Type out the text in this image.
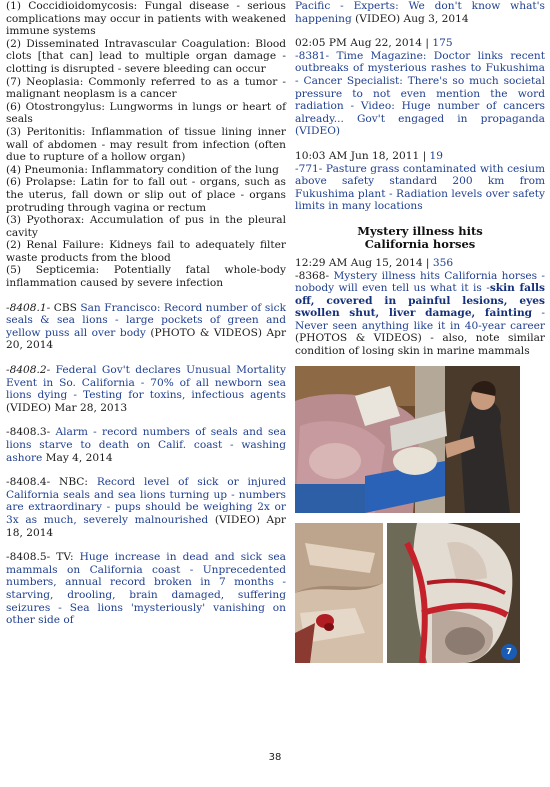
(1) Coccidioidomycosis: Fungal disease - serious complications may occur in patients with weakened immune systems

(2) Disseminated Intravascular Coagulation: Blood clots [that can] lead to multiple organ damage - clotting is disrupted - severe bleeding can occur

(7) Neoplasia: Commonly referred to as a tumor - malignant neoplasm is a cancer

(6) Otostrongylus: Lungworms in lungs or heart of seals

(3) Peritonitis: Inflammation of tissue lining inner wall of abdomen - may result from infection (often due to rupture of a hollow organ)

(4) Pneumonia: Inflammatory condition of the lung

(6) Prolapse: Latin for to fall out - organs, such as the uterus, fall down or slip out of place - organs protruding through vagina or rectum

(3) Pyothorax: Accumulation of pus in the pleural cavity

(2) Renal Failure: Kidneys fail to adequately filter waste products from the blood

(5) Septicemia: Potentially fatal whole-body inflammation caused by severe infection

-8408.1- CBS San Francisco: Record number of sick seals & sea lions - large pockets of green and yellow puss all over body (PHOTO & VIDEOS) Apr 20, 2014

-8408.2- Federal Gov't declares Unusual Mortality Event in So. California - 70% of all newborn sea lions dying - Testing for toxins, infectious agents (VIDEO) Mar 28, 2013

-8408.3- Alarm - record numbers of seals and sea lions starve to death on Calif. coast - washing ashore May 4, 2014

-8408.4- NBC: Record level of sick or injured California seals and sea lions turning up - numbers are extraordinary - pups should be weighing 2x or 3x as much, severely malnourished (VIDEO) Apr 18, 2014

-8408.5- TV: Huge increase in dead and sick sea mammals on California coast - Unprecedented numbers, annual record broken in 7 months - starving, drooling, brain damaged, suffering seizures - Sea lions 'mysteriously' vanishing on other side of

Pacific - Experts: We don't know what's happening (VIDEO) Aug 3, 2014

02:05 PM Aug 22, 2014 | 175

-8381- Time Magazine: Doctor links recent outbreaks of mysterious rashes to Fukushima - Cancer Specialist: There's so much societal pressure to not even mention the word radiation - Video: Huge number of cancers already... Gov't engaged in propaganda (VIDEO)

10:03 AM Jun 18, 2011 | 19

-771- Pasture grass contaminated with cesium above safety standard 200 km from Fukushima plant - Radiation levels over safety limits in many locations

Mystery illness hits
California horses

12:29 AM Aug 15, 2014 | 356

-8368- Mystery illness hits California horses - nobody will even tell us what it is -skin falls off, covered in painful lesions, eyes swollen shut, liver damage, fainting - Never seen anything like it in 40-year career (PHOTOS & VIDEOS) - also, note similar condition of losing skin in marine mammals

7
38
